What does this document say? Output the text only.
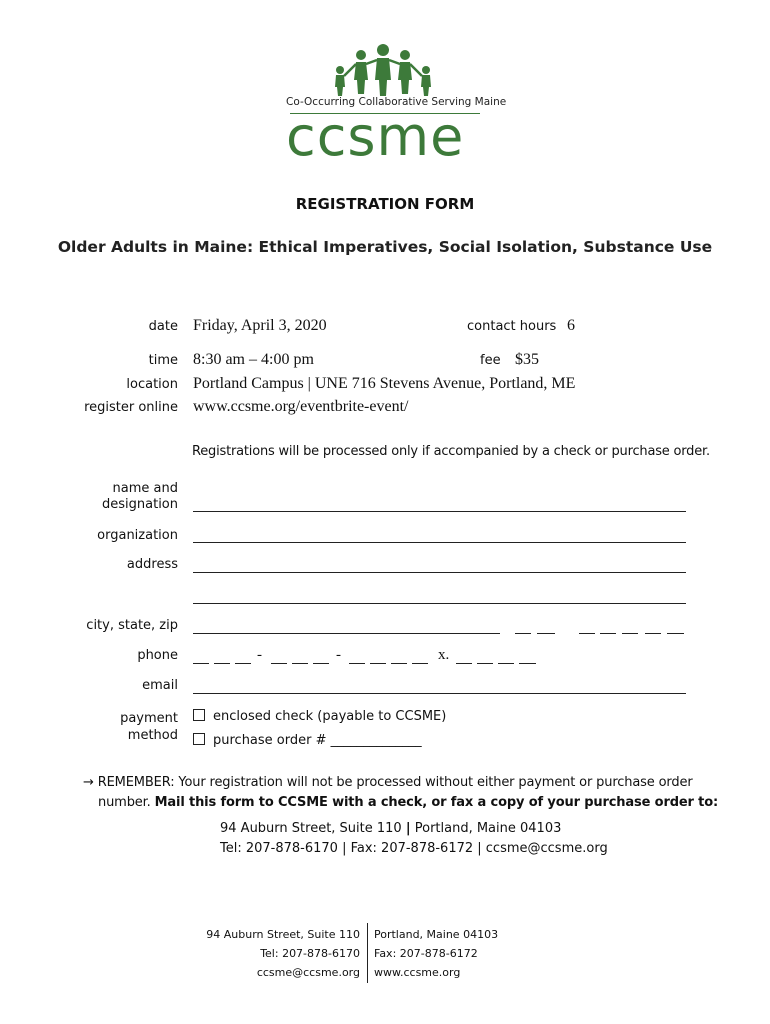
Co-Occurring Collaborative Serving Maine
ccsme
REGISTRATION FORM
Older Adults in Maine: Ethical Imperatives, Social Isolation, Substance Use
date Friday, April 3, 2020	contact hours 6
time 8:30 am – 4:00 pm	fee $35
location Portland Campus | UNE 716 Stevens Avenue, Portland, ME
register online www.ccsme.org/eventbrite-event/
Registrations will be processed only if accompanied by a check or purchase order.
name and
designation
organization
address
city, state, zip
phone	-	-	x.
email
payment
method
enclosed check (payable to CCSME)
purchase order # ______________
→ REMEMBER: Your registration will not be processed without either payment or purchase order
number. Mail this form to CCSME with a check, or fax a copy of your purchase order to:
94 Auburn Street, Suite 110 | Portland, Maine 04103
Tel: 207-878-6170 | Fax: 207-878-6172 | ccsme@ccsme.org
94 Auburn Street, Suite 110
Tel: 207-878-6170
ccsme@ccsme.org
Portland, Maine 04103
Fax: 207-878-6172
www.ccsme.org
